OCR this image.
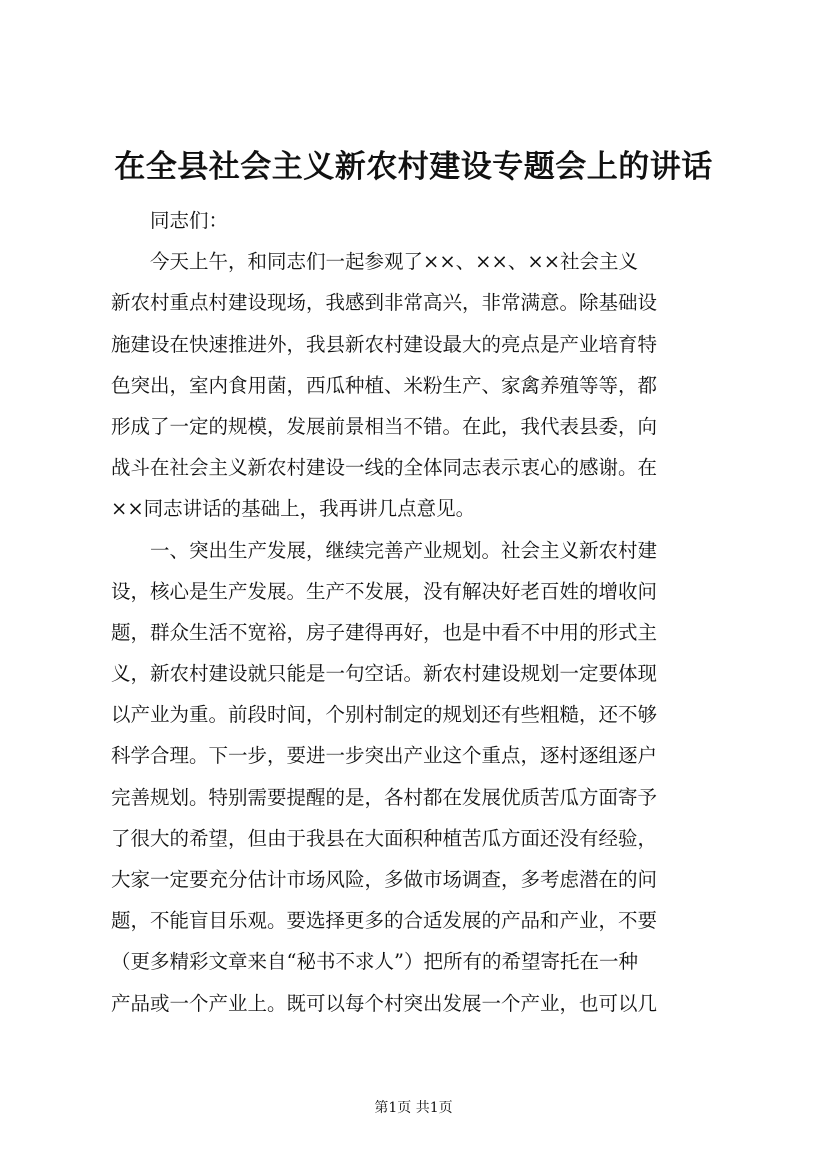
在全县社会主义新农村建设专题会上的讲话
同志们：
今天上午，和同志们一起参观了××、××、××社会主义
新农村重点村建设现场，我感到非常高兴，非常满意。除基础设
施建设在快速推进外，我县新农村建设最大的亮点是产业培育特
色突出，室内食用菌，西瓜种植、米粉生产、家禽养殖等等，都
形成了一定的规模，发展前景相当不错。在此，我代表县委，向
战斗在社会主义新农村建设一线的全体同志表示衷心的感谢。在
××同志讲话的基础上，我再讲几点意见。
一、突出生产发展，继续完善产业规划。社会主义新农村建
设，核心是生产发展。生产不发展，没有解决好老百姓的增收问
题，群众生活不宽裕，房子建得再好，也是中看不中用的形式主
义，新农村建设就只能是一句空话。新农村建设规划一定要体现
以产业为重。前段时间，个别村制定的规划还有些粗糙，还不够
科学合理。下一步，要进一步突出产业这个重点，逐村逐组逐户
完善规划。特别需要提醒的是，各村都在发展优质苦瓜方面寄予
了很大的希望，但由于我县在大面积种植苦瓜方面还没有经验，
大家一定要充分估计市场风险，多做市场调查，多考虑潜在的问
题，不能盲目乐观。要选择更多的合适发展的产品和产业，不要
（更多精彩文章来自“秘书不求人”）把所有的希望寄托在一种
产品或一个产业上。既可以每个村突出发展一个产业，也可以几
第1页 共1页
